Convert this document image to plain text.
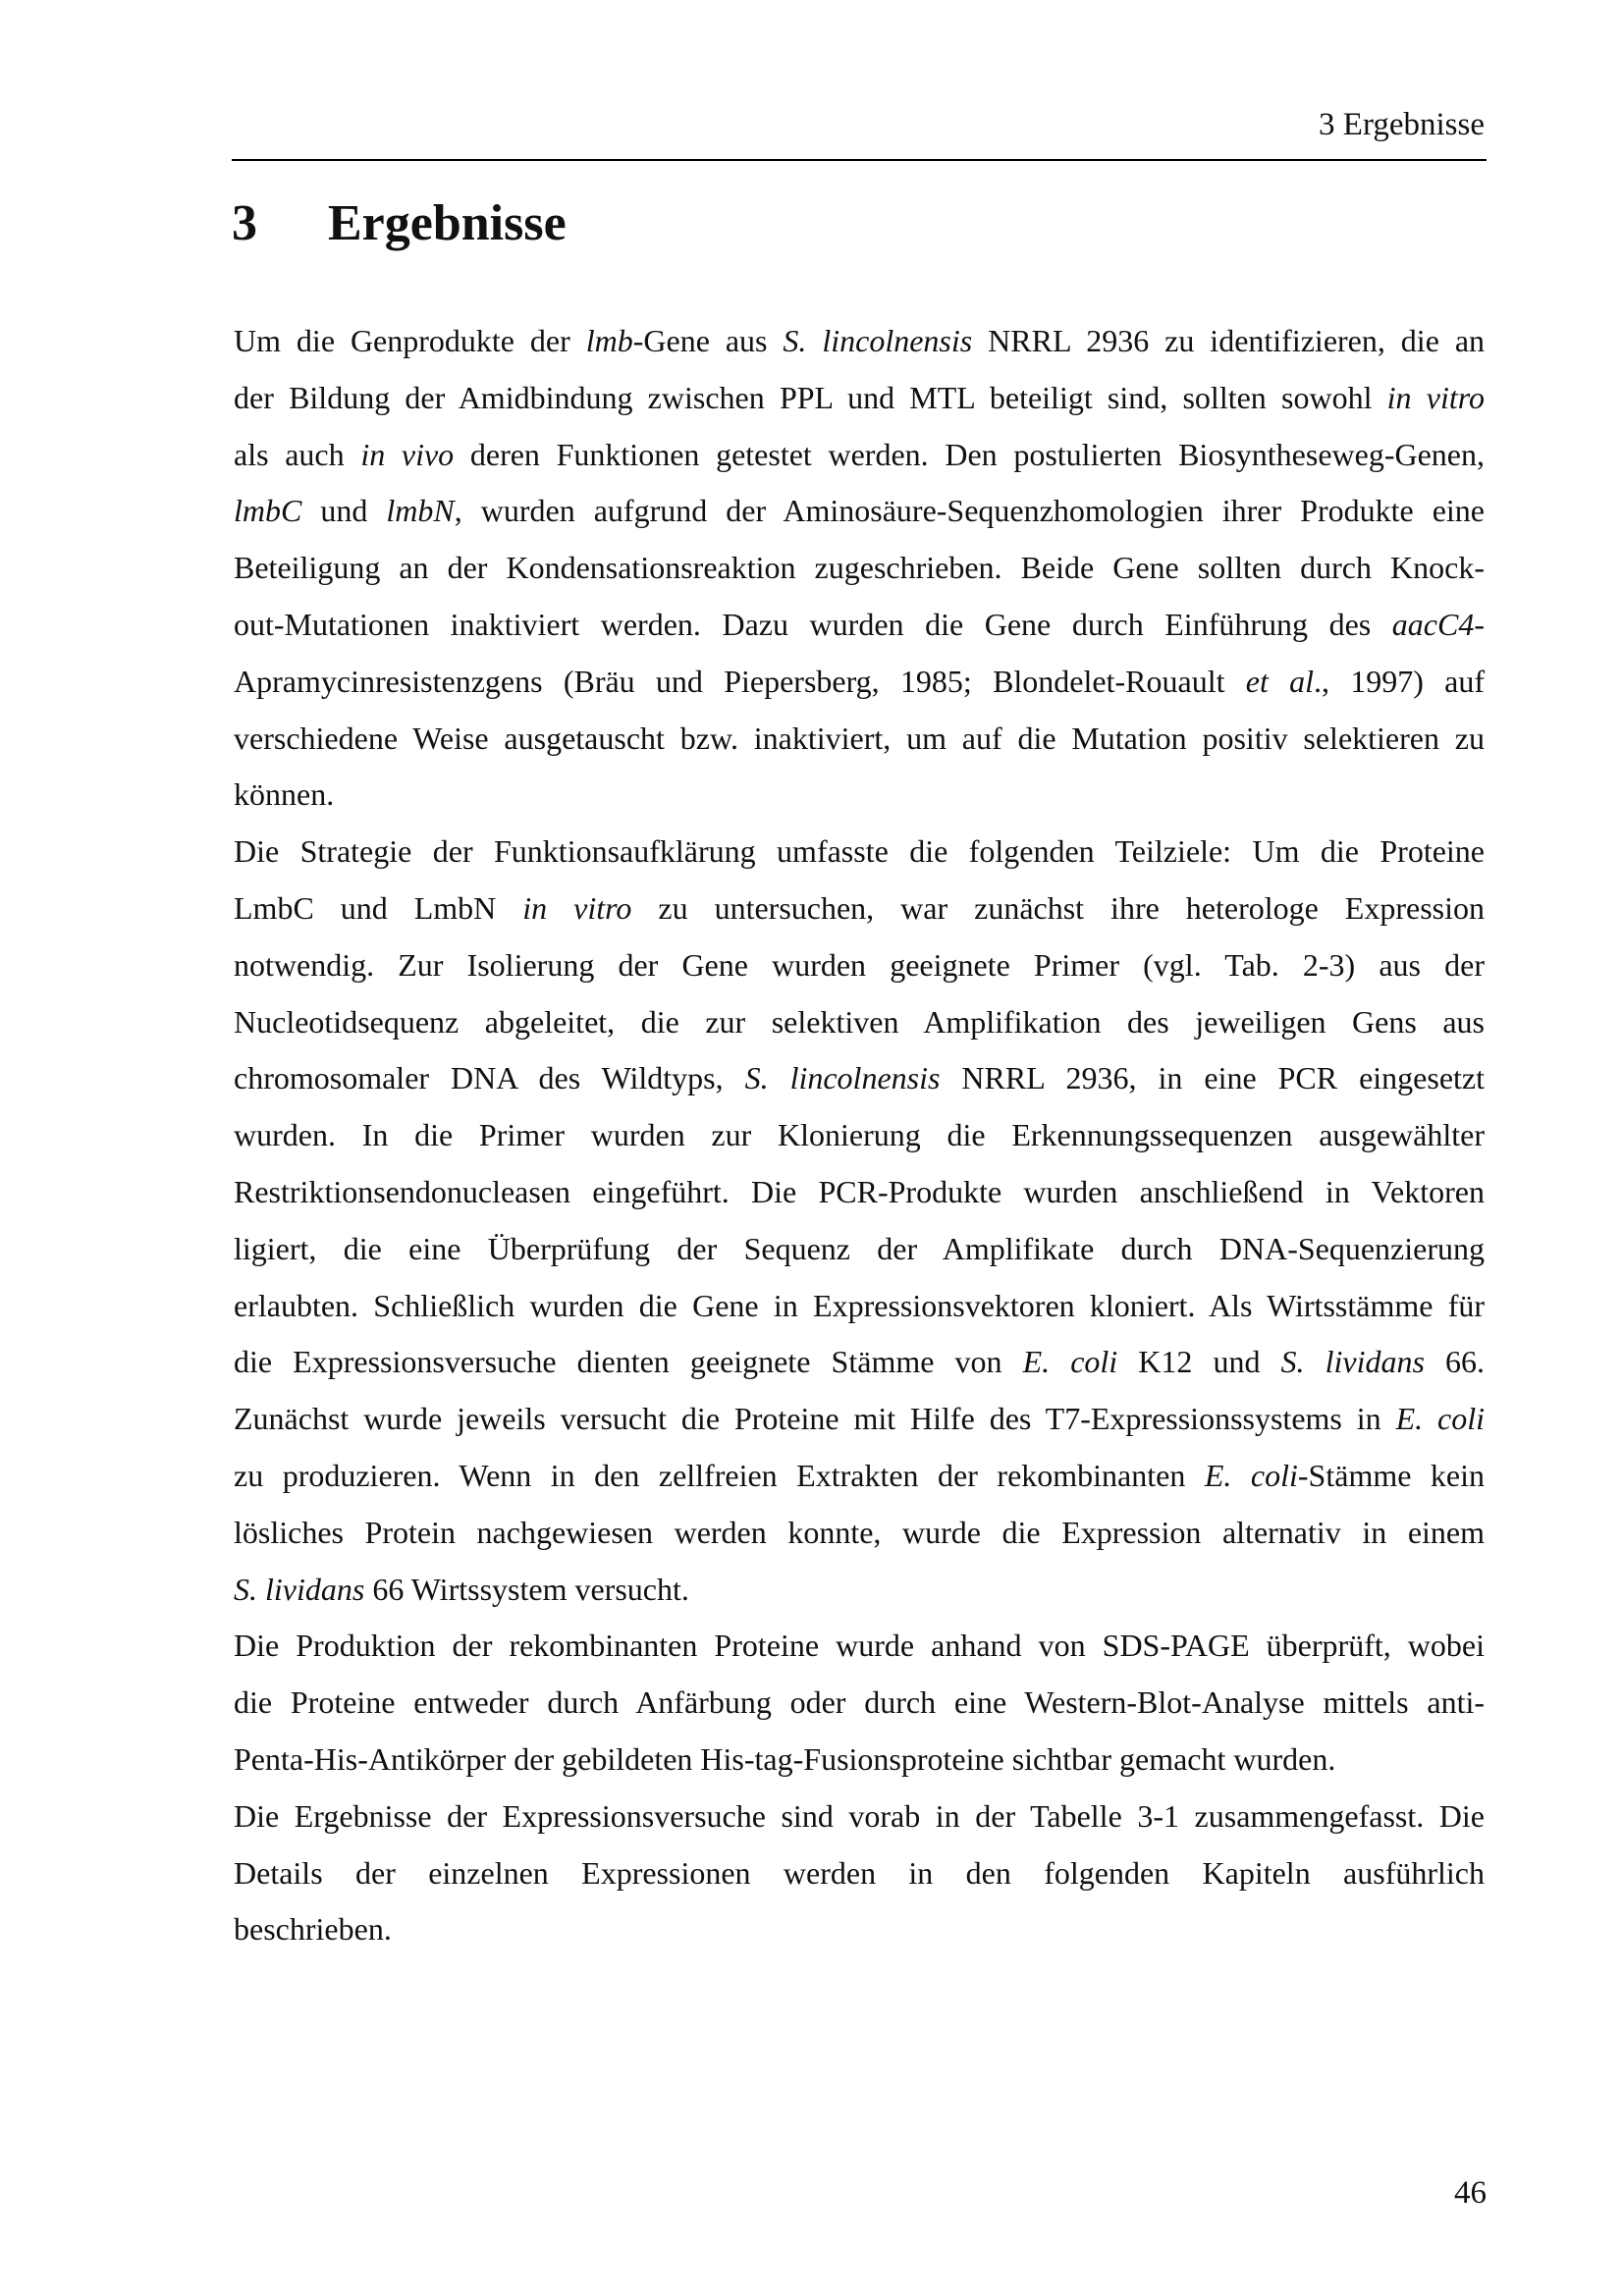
3 Ergebnisse
3 Ergebnisse
Um die Genprodukte der lmb-Gene aus S. lincolnensis NRRL 2936 zu identifizieren, die an
der Bildung der Amidbindung zwischen PPL und MTL beteiligt sind, sollten sowohl in vitro
als auch in vivo deren Funktionen getestet werden. Den postulierten Biosyntheseweg-Genen,
lmbC und lmbN, wurden aufgrund der Aminosäure-Sequenzhomologien ihrer Produkte eine
Beteiligung an der Kondensationsreaktion zugeschrieben. Beide Gene sollten durch Knock-
out-Mutationen inaktiviert werden. Dazu wurden die Gene durch Einführung des aacC4-
Apramycinresistenzgens (Bräu und Piepersberg, 1985; Blondelet-Rouault et al., 1997) auf
verschiedene Weise ausgetauscht bzw. inaktiviert, um auf die Mutation positiv selektieren zu
können.
Die Strategie der Funktionsaufklärung umfasste die folgenden Teilziele: Um die Proteine
LmbC und LmbN in vitro zu untersuchen, war zunächst ihre heterologe Expression
notwendig. Zur Isolierung der Gene wurden geeignete Primer (vgl. Tab. 2-3) aus der
Nucleotidsequenz abgeleitet, die zur selektiven Amplifikation des jeweiligen Gens aus
chromosomaler DNA des Wildtyps, S. lincolnensis NRRL 2936, in eine PCR eingesetzt
wurden. In die Primer wurden zur Klonierung die Erkennungssequenzen ausgewählter
Restriktionsendonucleasen eingeführt. Die PCR-Produkte wurden anschließend in Vektoren
ligiert, die eine Überprüfung der Sequenz der Amplifikate durch DNA-Sequenzierung
erlaubten. Schließlich wurden die Gene in Expressionsvektoren kloniert. Als Wirtsstämme für
die Expressionsversuche dienten geeignete Stämme von E. coli K12 und S. lividans 66.
Zunächst wurde jeweils versucht die Proteine mit Hilfe des T7-Expressionssystems in E. coli
zu produzieren. Wenn in den zellfreien Extrakten der rekombinanten E. coli-Stämme kein
lösliches Protein nachgewiesen werden konnte, wurde die Expression alternativ in einem
S. lividans 66 Wirtssystem versucht.
Die Produktion der rekombinanten Proteine wurde anhand von SDS-PAGE überprüft, wobei
die Proteine entweder durch Anfärbung oder durch eine Western-Blot-Analyse mittels anti-
Penta-His-Antikörper der gebildeten His-tag-Fusionsproteine sichtbar gemacht wurden.
Die Ergebnisse der Expressionsversuche sind vorab in der Tabelle 3-1 zusammengefasst. Die
Details der einzelnen Expressionen werden in den folgenden Kapiteln ausführlich
beschrieben.
46
